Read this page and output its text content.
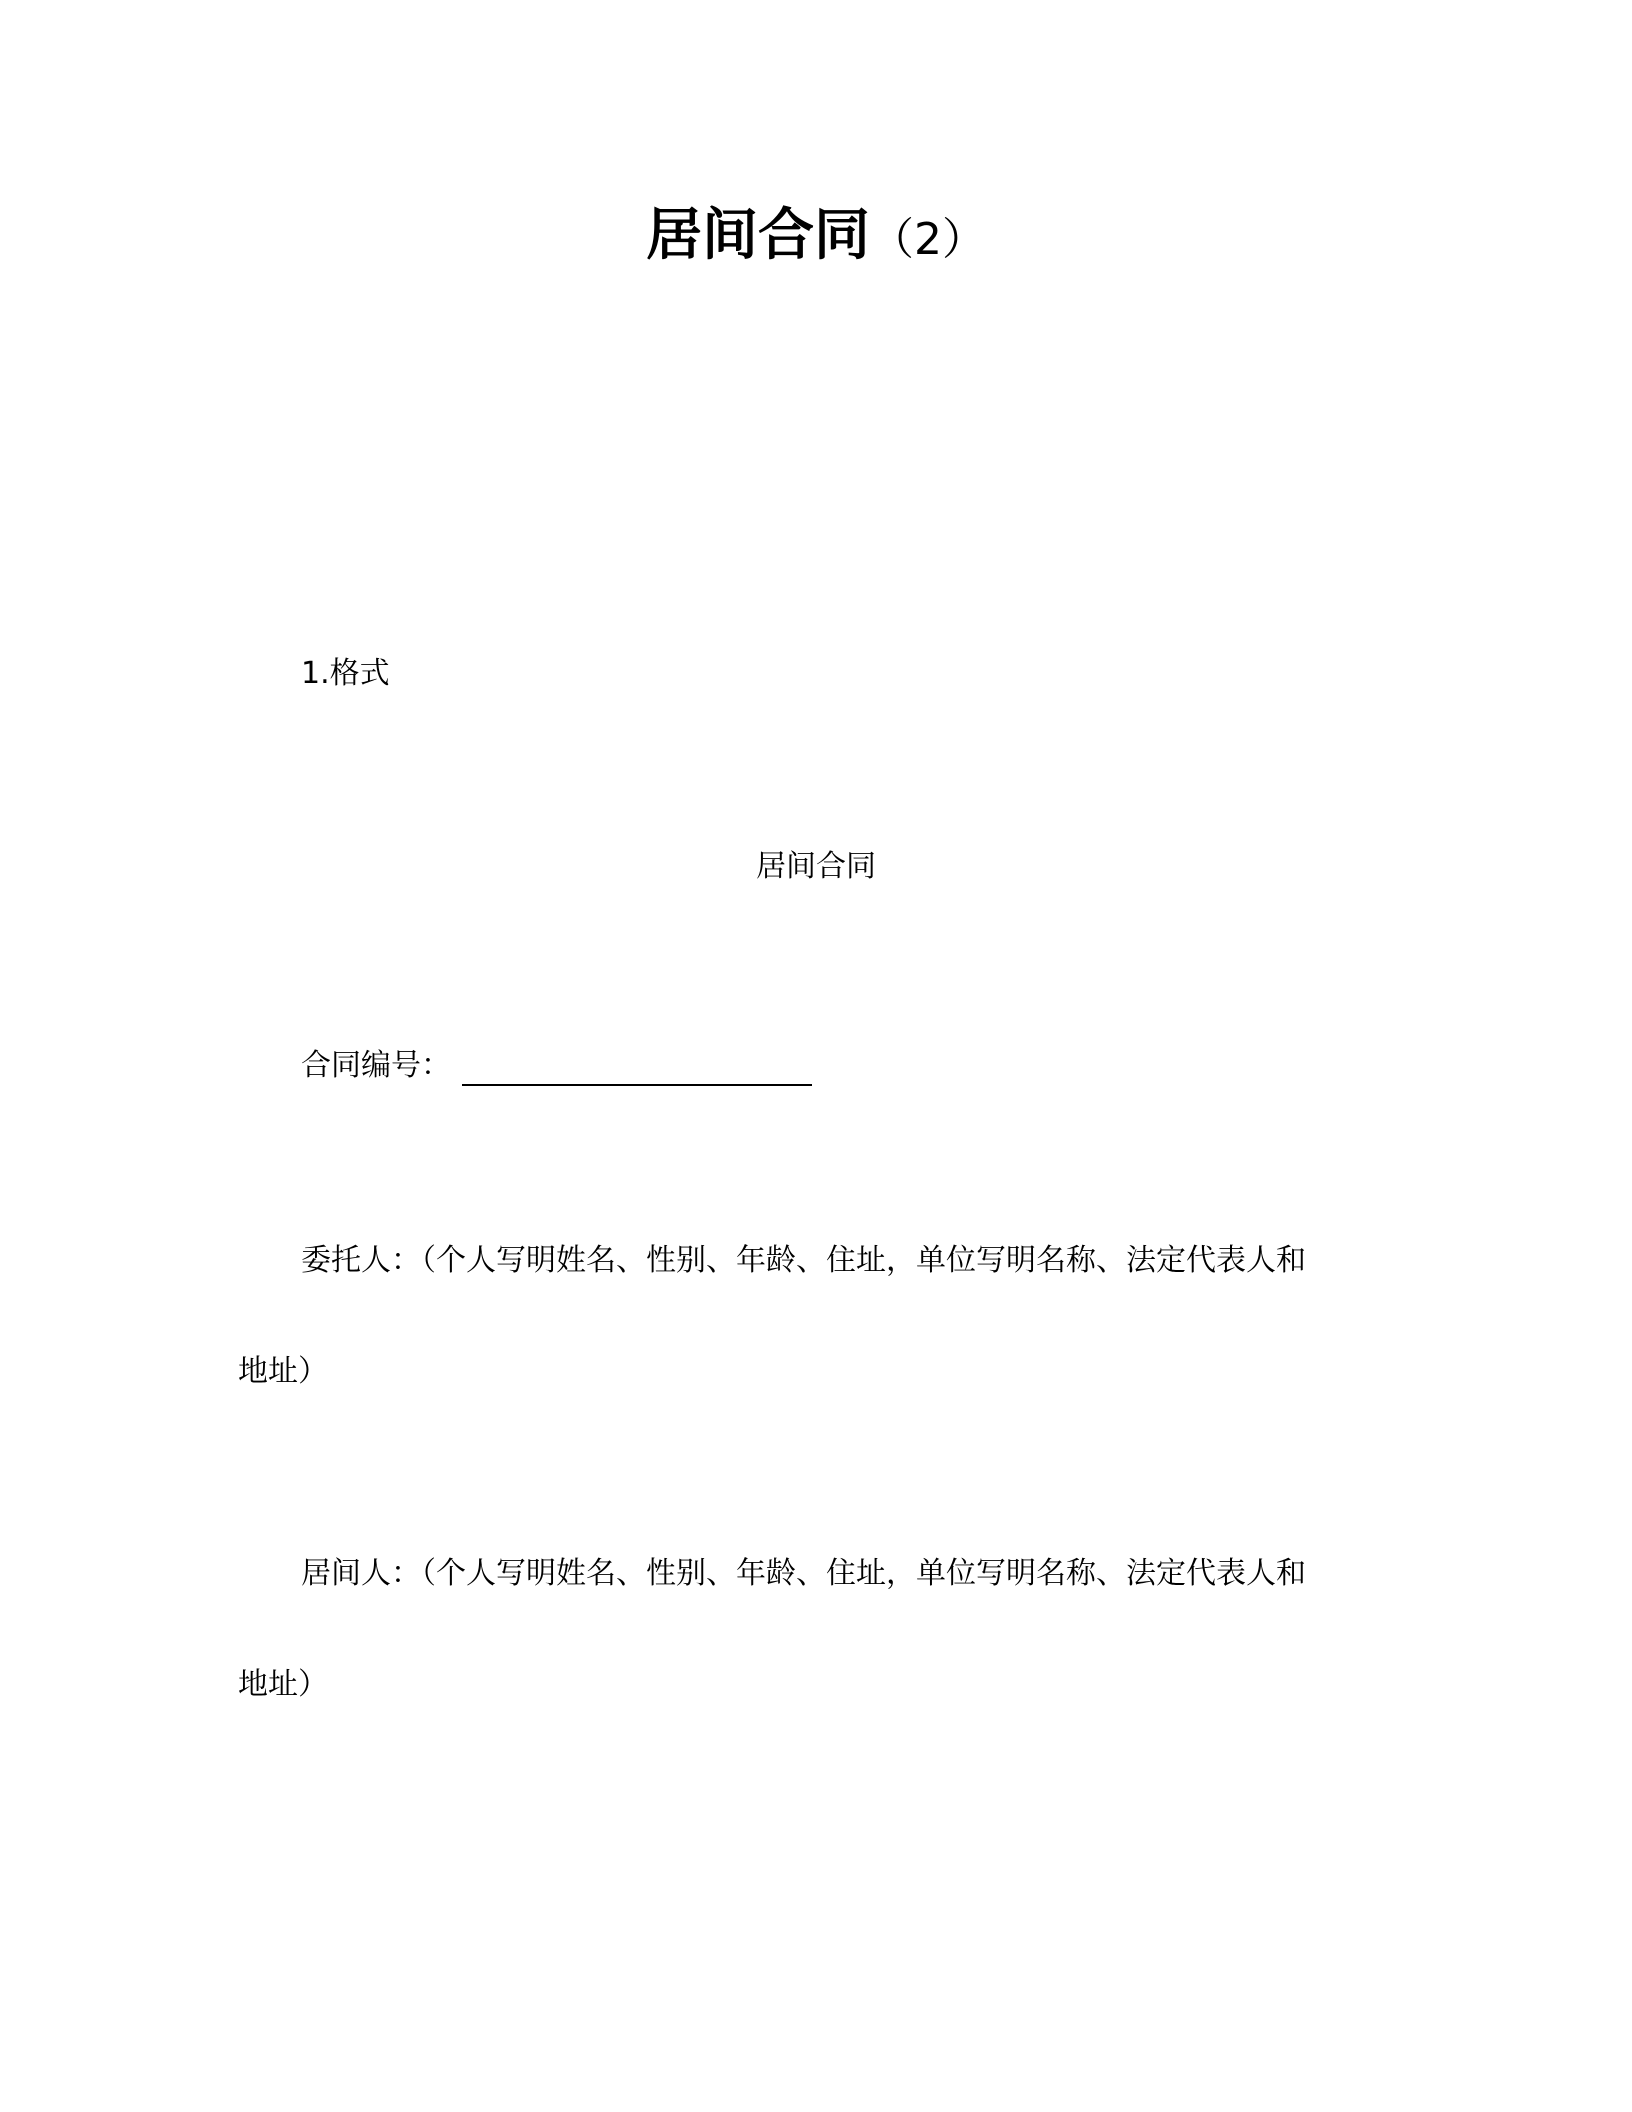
居间合同（2）
1.格式
居间合同
合同编号：
委托人：（个人写明姓名、性别、年龄、住址，单位写明名称、法定代表人和
地址）
居间人：（个人写明姓名、性别、年龄、住址，单位写明名称、法定代表人和
地址）
